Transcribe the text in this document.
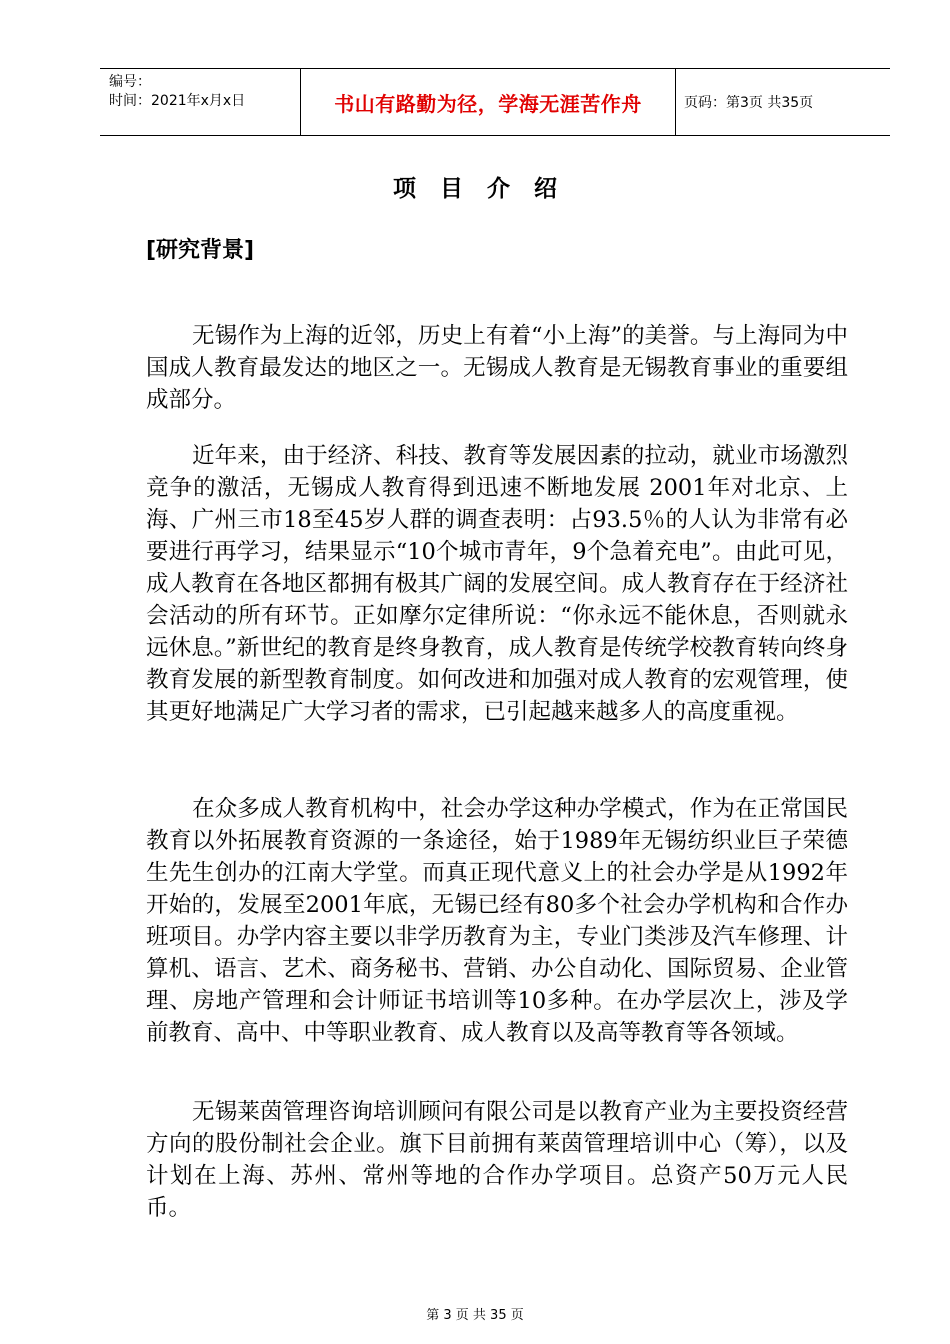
编号：
时间：2021年x月x日	书山有路勤为径，学海无涯苦作舟	页码：第3页 共35页
项目介绍
[研究背景]

无锡作为上海的近邻，历史上有着“小上海”的美誉。与上海同为中国成人教育最发达的地区之一。无锡成人教育是无锡教育事业的重要组成部分。

近年来，由于经济、科技、教育等发展因素的拉动，就业市场激烈竞争的激活，无锡成人教育得到迅速不断地发展 2001年对北京、上海、广州三市18至45岁人群的调查表明：占93.5％的人认为非常有必要进行再学习，结果显示“10个城市青年，9个急着充电”。由此可见，成人教育在各地区都拥有极其广阔的发展空间。成人教育存在于经济社会活动的所有环节。正如摩尔定律所说：“你永远不能休息，否则就永远休息。”新世纪的教育是终身教育，成人教育是传统学校教育转向终身教育发展的新型教育制度。如何改进和加强对成人教育的宏观管理，使其更好地满足广大学习者的需求，已引起越来越多人的高度重视。

在众多成人教育机构中，社会办学这种办学模式，作为在正常国民教育以外拓展教育资源的一条途径，始于1989年无锡纺织业巨子荣德生先生创办的江南大学堂。而真正现代意义上的社会办学是从1992年开始的，发展至2001年底，无锡已经有80多个社会办学机构和合作办班项目。办学内容主要以非学历教育为主，专业门类涉及汽车修理、计算机、语言、艺术、商务秘书、营销、办公自动化、国际贸易、企业管理、房地产管理和会计师证书培训等10多种。在办学层次上，涉及学前教育、高中、中等职业教育、成人教育以及高等教育等各领域。

无锡莱茵管理咨询培训顾问有限公司是以教育产业为主要投资经营方向的股份制社会企业。旗下目前拥有莱茵管理培训中心（筹），以及计划在上海、苏州、常州等地的合作办学项目。总资产50万元人民币。

第 3 页 共 35 页
